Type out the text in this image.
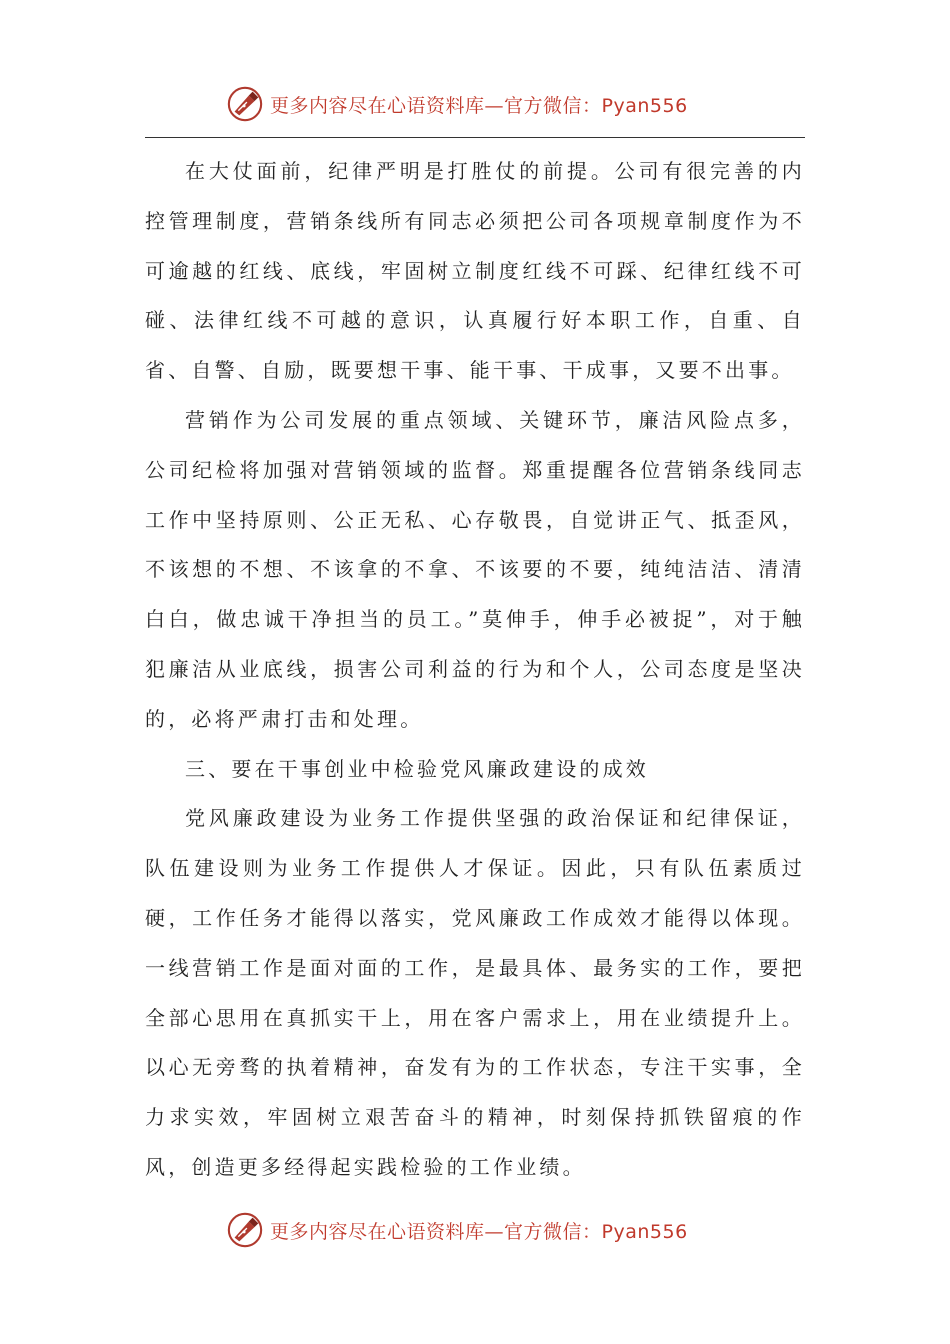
更多内容尽在心语资料库—官方微信：Pyan556

在大仗面前，纪律严明是打胜仗的前提。公司有很完善的内控管理制度，营销条线所有同志必须把公司各项规章制度作为不可逾越的红线、底线，牢固树立制度红线不可踩、纪律红线不可碰、法律红线不可越的意识，认真履行好本职工作，自重、自省、自警、自励，既要想干事、能干事、干成事，又要不出事。

营销作为公司发展的重点领域、关键环节，廉洁风险点多，公司纪检将加强对营销领域的监督。郑重提醒各位营销条线同志工作中坚持原则、公正无私、心存敬畏，自觉讲正气、抵歪风，不该想的不想、不该拿的不拿、不该要的不要，纯纯洁洁、清清白白，做忠诚干净担当的员工。”莫伸手，伸手必被捉”，对于触犯廉洁从业底线，损害公司利益的行为和个人，公司态度是坚决的，必将严肃打击和处理。

三、要在干事创业中检验党风廉政建设的成效

党风廉政建设为业务工作提供坚强的政治保证和纪律保证，队伍建设则为业务工作提供人才保证。因此，只有队伍素质过硬，工作任务才能得以落实，党风廉政工作成效才能得以体现。一线营销工作是面对面的工作，是最具体、最务实的工作，要把全部心思用在真抓实干上，用在客户需求上，用在业绩提升上。以心无旁骛的执着精神，奋发有为的工作状态，专注干实事，全力求实效，牢固树立艰苦奋斗的精神，时刻保持抓铁留痕的作风，创造更多经得起实践检验的工作业绩。

更多内容尽在心语资料库—官方微信：Pyan556
